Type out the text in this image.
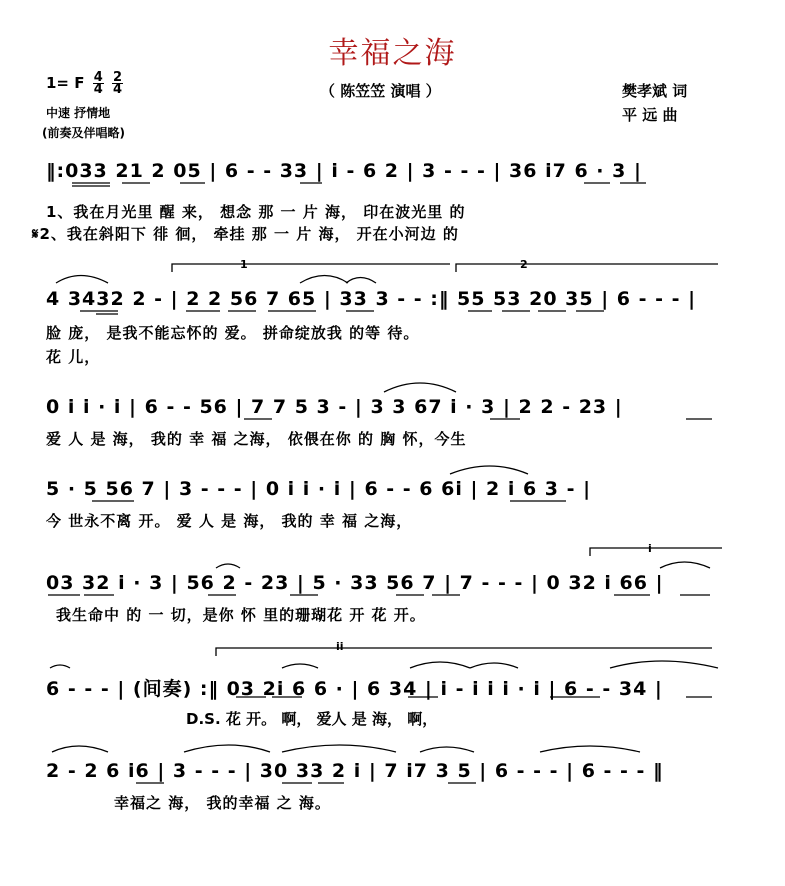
幸福之海
1= F $\frac{4}{4}$
$\frac{2}{4}$	（ 陈笠笠 演唱 ）	樊孝斌 词
中速 抒情地	平 远 曲
(前奏及伴唱略)
‖:033 21 2 05 | 6 - - 33 | i - 6 2 | 3 - - - | 36 i7 6 · 3 |
1、我在月光里 醒 来， 想念 那 一 片 海， 印在波光里 的
𝄋2、我在斜阳下 徘 徊， 牵挂 那 一 片 海， 开在小河边 的
1	2
4 3432 2 - | 2 2 56 7 65 | 33 3 - - :‖ 55 53 20 35 | 6 - - - |
脸 庞， 是我不能忘怀的 爱。 拼命绽放我 的等 待。
花 儿，
0 i i · i | 6 - - 56 | 7 7 5 3 - | 3 3 67 i · 3 | 2 2 - 23 |
爱 人 是 海， 我的 幸 福 之海， 依偎在你 的 胸 怀，今生
5 · 5 56 7 | 3 - - - | 0 i i · i | 6 - - 6 6i | 2 i 6 3 - |
今 世永不离 开。 爱 人 是 海， 我的 幸 福 之海，
i
03 32 i · 3 | 56 2 - 23 | 5 · 33 56 7 | 7 - - - | 0 32 i 66 |
我生命中 的 一 切，是你 怀 里的珊瑚花 开 花 开。
ii
6 - - - | (间奏) :‖ 03 2i 6 6 · | 6 34 | i - i i i · i | 6 - - 34 |
D.S. 花 开。 啊， 爱人 是 海， 啊，
2 - 2 6 i6 | 3 - - - | 30 33 2 i | 7 i7 3 5 | 6 - - - | 6 - - - ‖
幸福之 海， 我的幸福 之 海。
